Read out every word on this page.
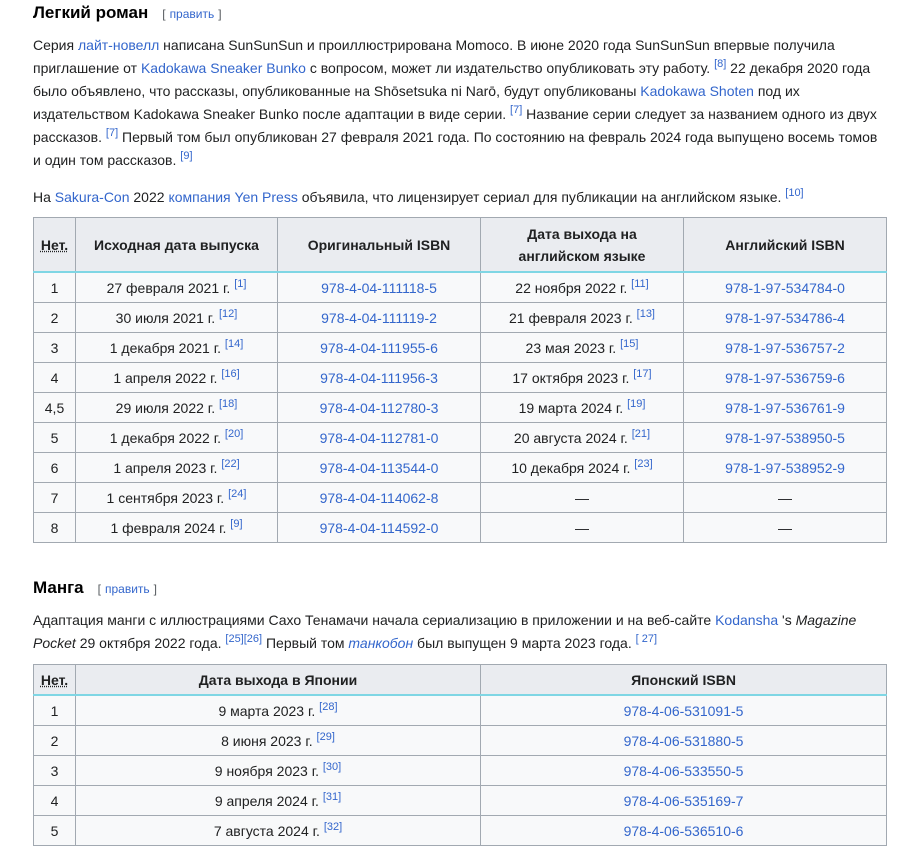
Легкий роман [ править ]

Серия лайт-новелл написана SunSunSun и проиллюстрирована Momoco. В июне 2020 года SunSunSun впервые получила приглашение от Kadokawa Sneaker Bunko с вопросом, может ли издательство опубликовать эту работу. [8] 22 декабря 2020 года было объявлено, что рассказы, опубликованные на Shōsetsuka ni Narō, будут опубликованы Kadokawa Shoten под их издательством Kadokawa Sneaker Bunko после адаптации в виде серии. [7] Название серии следует за названием одного из двух рассказов. [7] Первый том был опубликован 27 февраля 2021 года. По состоянию на февраль 2024 года выпущено восемь томов и один том рассказов. [9]

На Sakura-Con 2022 компания Yen Press объявила, что лицензирует сериал для публикации на английском языке. [10]

Нет.	Исходная дата выпуска	Оригинальный ISBN	Дата выхода на английском языке	Английский ISBN
1	27 февраля 2021 г. [1]	978-4-04-111118-5	22 ноября 2022 г. [11]	978-1-97-534784-0
2	30 июля 2021 г. [12]	978-4-04-111119-2	21 февраля 2023 г. [13]	978-1-97-534786-4
3	1 декабря 2021 г. [14]	978-4-04-111955-6	23 мая 2023 г. [15]	978-1-97-536757-2
4	1 апреля 2022 г. [16]	978-4-04-111956-3	17 октября 2023 г. [17]	978-1-97-536759-6
4,5	29 июля 2022 г. [18]	978-4-04-112780-3	19 марта 2024 г. [19]	978-1-97-536761-9
5	1 декабря 2022 г. [20]	978-4-04-112781-0	20 августа 2024 г. [21]	978-1-97-538950-5
6	1 апреля 2023 г. [22]	978-4-04-113544-0	10 декабря 2024 г. [23]	978-1-97-538952-9
7	1 сентября 2023 г. [24]	978-4-04-114062-8	—	—
8	1 февраля 2024 г. [9]	978-4-04-114592-0	—	—
Манга [ править ]

Адаптация манги с иллюстрациями Сахо Тенамачи начала сериализацию в приложении и на веб-сайте Kodansha 's Magazine Pocket 29 октября 2022 года. [25][26] Первый том танкобон был выпущен 9 марта 2023 года. [ 27]

Нет.	Дата выхода в Японии	Японский ISBN
1	9 марта 2023 г. [28]	978-4-06-531091-5
2	8 июня 2023 г. [29]	978-4-06-531880-5
3	9 ноября 2023 г. [30]	978-4-06-533550-5
4	9 апреля 2024 г. [31]	978-4-06-535169-7
5	7 августа 2024 г. [32]	978-4-06-536510-6
